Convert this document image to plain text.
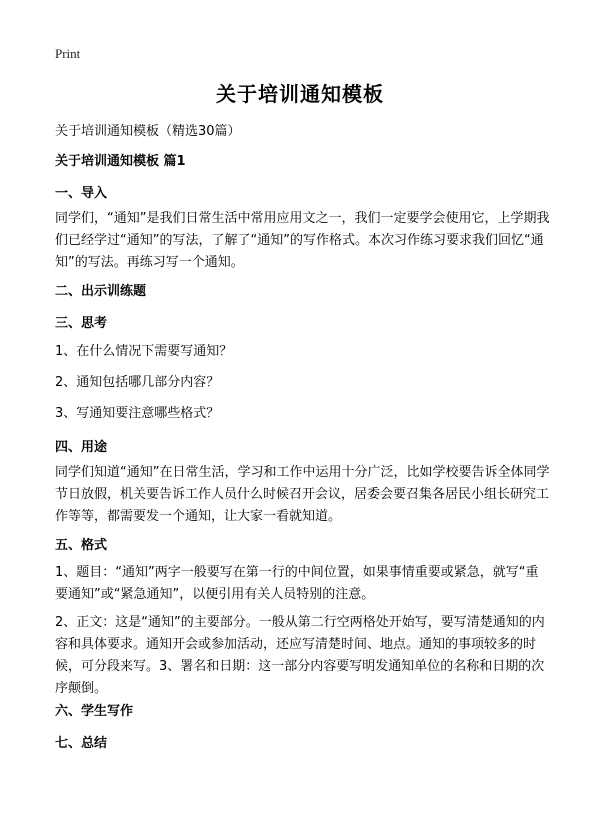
Print
关于培训通知模板
关于培训通知模板（精选30篇）
关于培训通知模板 篇1
一、导入
同学们，“通知”是我们日常生活中常用应用文之一，我们一定要学会使用它，上学期我们已经学过“通知”的写法，了解了“通知”的写作格式。本次习作练习要求我们回忆“通知”的写法。再练习写一个通知。
二、出示训练题
三、思考
1、在什么情况下需要写通知？
2、通知包括哪几部分内容？
3、写通知要注意哪些格式？
四、用途
同学们知道“通知”在日常生活，学习和工作中运用十分广泛，比如学校要告诉全体同学节日放假，机关要告诉工作人员什么时候召开会议，居委会要召集各居民小组长研究工作等等，都需要发一个通知，让大家一看就知道。
五、格式
1、题目：“通知”两字一般要写在第一行的中间位置，如果事情重要或紧急，就写“重要通知”或“紧急通知”，以便引用有关人员特别的注意。
2、正文：这是“通知”的主要部分。一般从第二行空两格处开始写，要写清楚通知的内容和具体要求。通知开会或参加活动，还应写清楚时间、地点。通知的事项较多的时候，可分段来写。3、署名和日期：这一部分内容要写明发通知单位的名称和日期的次序颠倒。
六、学生写作
七、总结
